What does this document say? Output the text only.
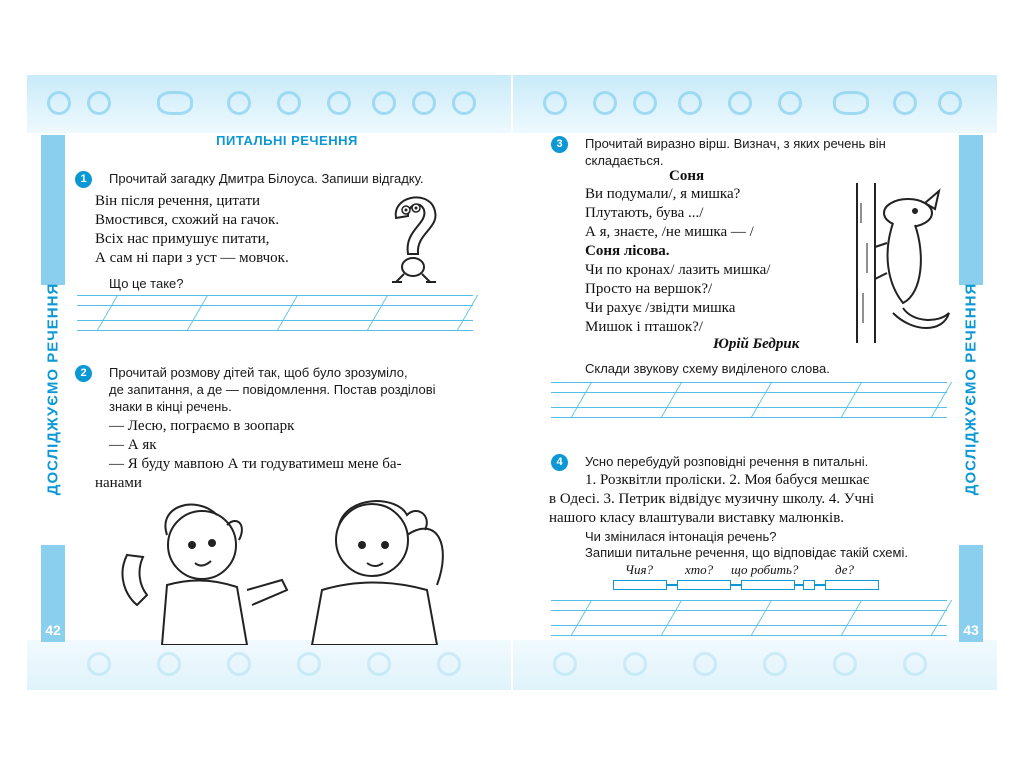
ДОСЛІДЖУЄМО РЕЧЕННЯ
42
ПИТАЛЬНІ РЕЧЕННЯ
1	Прочитай загадку Дмитра Білоуса. Запиши відгадку.
Він після речення, цитати
Вмостився, схожий на гачок.
Всіх нас примушує питати,
А сам ні пари з уст — мовчок.
Що це таке?
2	Прочитай розмову дітей так, щоб було зрозуміло,
де запитання, а де — повідомлення. Постав розділові
знаки в кінці речень.
— Лесю, пограємо в зоопарк
— А як
— Я буду мавпою А ти годуватимеш мене ба-
нанами	ДОСЛІДЖУЄМО РЕЧЕННЯ
43
3	Прочитай виразно вірш. Визнач, з яких речень він
складається.
Соня
Ви подумали/, я мишка?
Плутають, бува .../
А я, знаєте, /не мишка — /
Соня лісова.
Чи по кронах/ лазить мишка/
Просто на вершок?/
Чи рахує /звідти мишка
Мишок і пташок?/
Юрій Бедрик
Склади звукову схему виділеного слова.
4	Усно перебудуй розповідні речення в питальні.
1. Розквітли проліски. 2. Моя бабуся мешкає
в Одесі. 3. Петрик відвідує музичну школу. 4. Учні
нашого класу влаштували виставку малюнків.
Чи змінилася інтонація речень?
Запиши питальне речення, що відповідає такій схемі.
Чия? хто? що робить?	де?
